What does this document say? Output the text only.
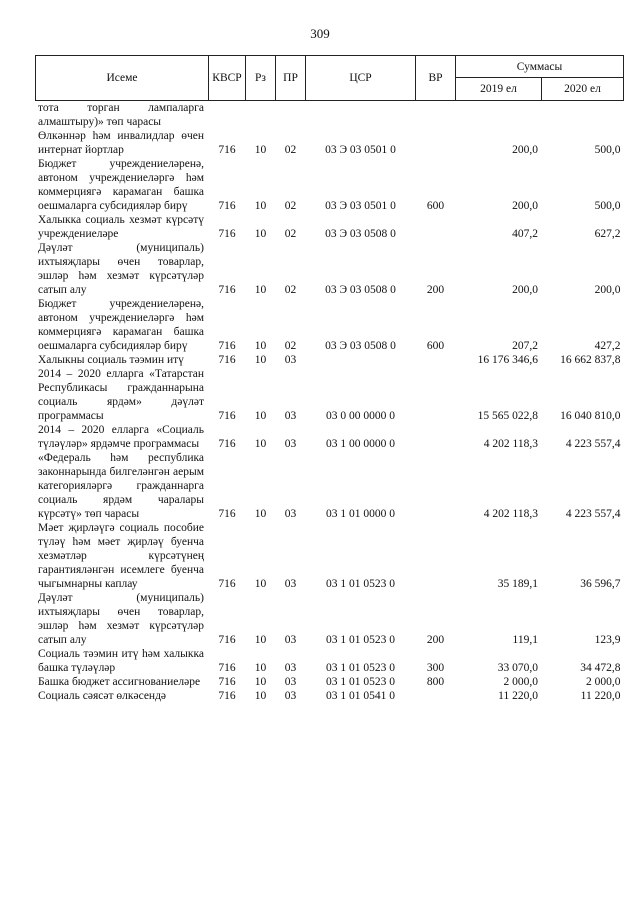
309
Исеме	КВСР	Рз	ПР	ЦСР	ВР	Суммасы	
						2019 ел	2020 ел
тота торган лампаларга алмаштыру)» төп чарасы							
Өлкәннәр һәм инвалидлар өчен интернат йортлар	716	10	02	03 Э 03 0501 0		200,0	500,0
Бюджет учреждениеләренә, автоном учреждениеләргә һәм коммерциягә карамаган башка оешмаларга субсидияләр бирү	716	10	02	03 Э 03 0501 0	600	200,0	500,0
Халыкка социаль хезмәт күрсәтү учреждениеләре	716	10	02	03 Э 03 0508 0		407,2	627,2
Дәүләт (муниципаль) ихтыяҗлары өчен товарлар, эшләр һәм хезмәт күрсәтүләр сатып алу	716	10	02	03 Э 03 0508 0	200	200,0	200,0
Бюджет учреждениеләренә, автоном учреждениеләргә һәм коммерциягә карамаган башка оешмаларга субсидияләр бирү	716	10	02	03 Э 03 0508 0	600	207,2	427,2
Халыкны социаль тәэмин итү	716	10	03			16 176 346,6	16 662 837,8
2014 – 2020 елларга «Татарстан Республикасы гражданнарына социаль ярдәм» дәүләт программасы	716	10	03	03 0 00 0000 0		15 565 022,8	16 040 810,0
2014 – 2020 елларга «Социаль түләүләр» ярдәмче программасы	716	10	03	03 1 00 0000 0		4 202 118,3	4 223 557,4
«Федераль һәм республика законнарында билгеләнгән аерым категорияләргә гражданнарга социаль ярдәм чаралары күрсәтү» төп чарасы	716	10	03	03 1 01 0000 0		4 202 118,3	4 223 557,4
Мәет җирләүгә социаль пособие түләү һәм мәет җирләү буенча хезмәтләр күрсәтүнең гарантияләнгән исемлеге буенча чыгымнарны каплау	716	10	03	03 1 01 0523 0		35 189,1	36 596,7
Дәүләт (муниципаль) ихтыяҗлары өчен товарлар, эшләр һәм хезмәт күрсәтүләр сатып алу	716	10	03	03 1 01 0523 0	200	119,1	123,9
Социаль тәэмин итү һәм халыкка башка түләүләр	716	10	03	03 1 01 0523 0	300	33 070,0	34 472,8
Башка бюджет ассигнованиеләре	716	10	03	03 1 01 0523 0	800	2 000,0	2 000,0
Социаль сәясәт өлкәсендә	716	10	03	03 1 01 0541 0		11 220,0	11 220,0
